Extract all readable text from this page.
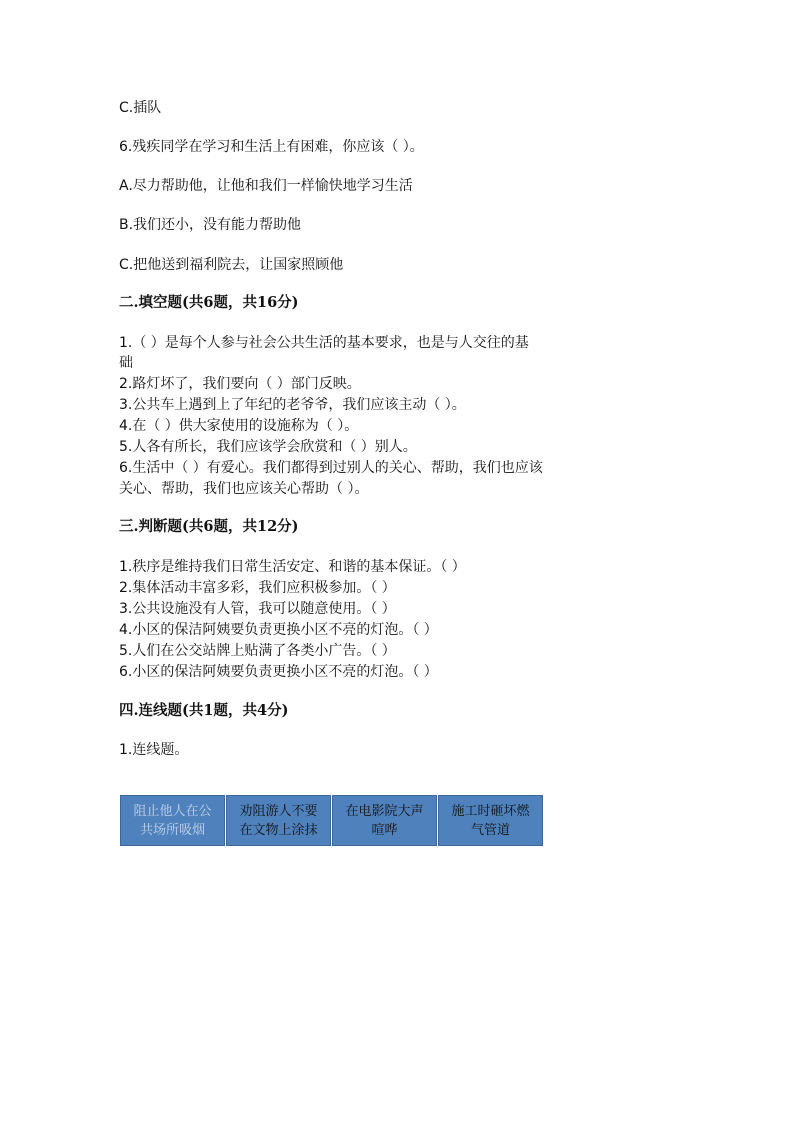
C.插队
6.残疾同学在学习和生活上有困难，你应该（ ）。
A.尽力帮助他，让他和我们一样愉快地学习生活
B.我们还小，没有能力帮助他
C.把他送到福利院去，让国家照顾他
二.填空题(共6题，共16分)
1.（ ）是每个人参与社会公共生活的基本要求，也是与人交往的基
础
2.路灯坏了，我们要向（ ）部门反映。
3.公共车上遇到上了年纪的老爷爷，我们应该主动（ ）。
4.在（ ）供大家使用的设施称为（ ）。
5.人各有所长，我们应该学会欣赏和（ ）别人。
6.生活中（ ）有爱心。我们都得到过别人的关心、帮助，我们也应该
关心、帮助，我们也应该关心帮助（ ）。
三.判断题(共6题，共12分)
1.秩序是维持我们日常生活安定、和谐的基本保证。（ ）
2.集体活动丰富多彩，我们应积极参加。（ ）
3.公共设施没有人管，我可以随意使用。（ ）
4.小区的保洁阿姨要负责更换小区不亮的灯泡。（ ）
5.人们在公交站牌上贴满了各类小广告。（ ）
6.小区的保洁阿姨要负责更换小区不亮的灯泡。（ ）
四.连线题(共1题，共4分)
1.连线题。
阻止他人在公共场所吸烟
劝阻游人不要在文物上涂抹
在电影院大声喧哗
施工时砸坏燃气管道
